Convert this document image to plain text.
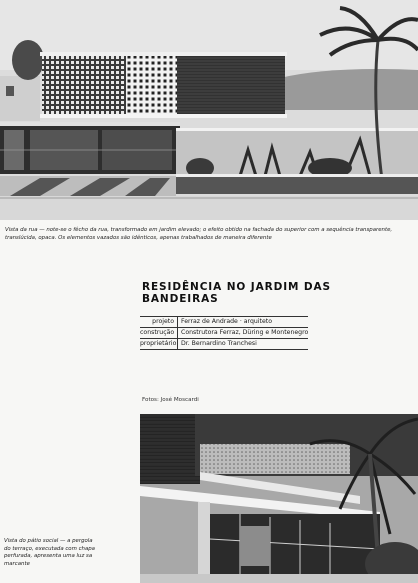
Vista da rua — note-se o fêcho da rua, transformado em jardim elevado; o efeito obtido na fachada do superior com a sequência transparente,
translúcida, opaca. Os elementos vazados são idênticos, apenas trabalhados de maneira diferente
RESIDÊNCIA NO JARDIM DAS BANDEIRAS
projeto	Ferraz de Andrade · arquiteto
construção	Construtora Ferraz, Düring e Montenegro
proprietário Dr. Bernardino Tranchesi
Fotos: José Moscardi
Vista do pátio social — a pergola
do terraço, executada com chapa
perfurada, apresenta uma luz sa
marcante
